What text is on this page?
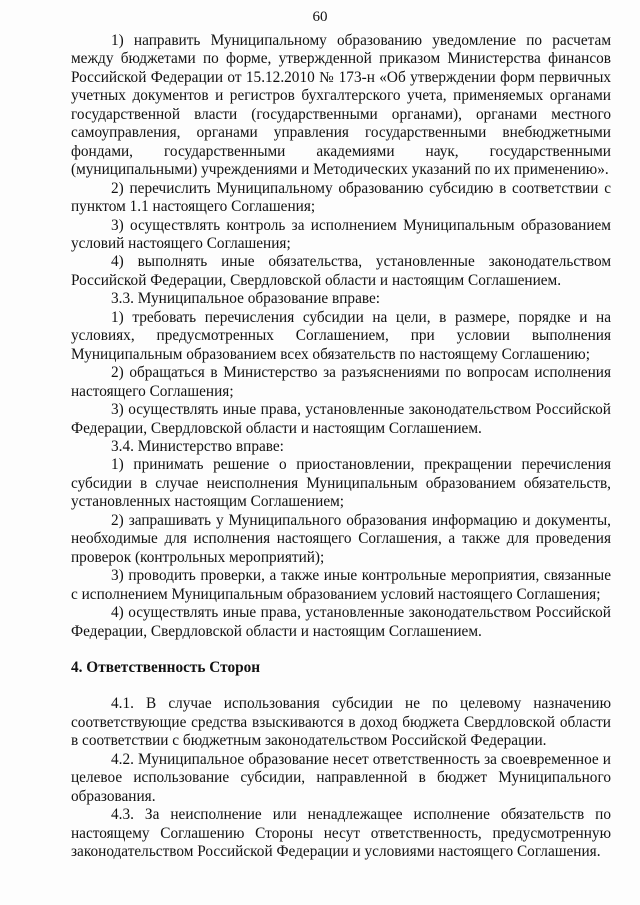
60

1) направить Муниципальному образованию уведомление по расчетам между бюджетами по форме, утвержденной приказом Министерства финансов Российской Федерации от 15.12.2010 № 173-н «Об утверждении форм первичных учетных документов и регистров бухгалтерского учета, применяемых органами государственной власти (государственными органами), органами местного самоуправления, органами управления государственными внебюджетными фондами, государственными академиями наук, государственными (муниципальными) учреждениями и Методических указаний по их применению».

2) перечислить Муниципальному образованию субсидию в соответствии с пунктом 1.1 настоящего Соглашения;

3) осуществлять контроль за исполнением Муниципальным образованием условий настоящего Соглашения;

4) выполнять иные обязательства, установленные законодательством Российской Федерации, Свердловской области и настоящим Соглашением.

3.3. Муниципальное образование вправе:

1) требовать перечисления субсидии на цели, в размере, порядке и на условиях, предусмотренных Соглашением, при условии выполнения Муниципальным образованием всех обязательств по настоящему Соглашению;

2) обращаться в Министерство за разъяснениями по вопросам исполнения настоящего Соглашения;

3) осуществлять иные права, установленные законодательством Российской Федерации, Свердловской области и настоящим Соглашением.

3.4. Министерство вправе:

1) принимать решение о приостановлении, прекращении перечисления субсидии в случае неисполнения Муниципальным образованием обязательств, установленных настоящим Соглашением;

2) запрашивать у Муниципального образования информацию и документы, необходимые для исполнения настоящего Соглашения, а также для проведения проверок (контрольных мероприятий);

3) проводить проверки, а также иные контрольные мероприятия, связанные с исполнением Муниципальным образованием условий настоящего Соглашения;

4) осуществлять иные права, установленные законодательством Российской Федерации, Свердловской области и настоящим Соглашением.

4. Ответственность Сторон

4.1. В случае использования субсидии не по целевому назначению соответствующие средства взыскиваются в доход бюджета Свердловской области в соответствии с бюджетным законодательством Российской Федерации.

4.2. Муниципальное образование несет ответственность за своевременное и целевое использование субсидии, направленной в бюджет Муниципального образования.

4.3. За неисполнение или ненадлежащее исполнение обязательств по настоящему Соглашению Стороны несут ответственность, предусмотренную законодательством Российской Федерации и условиями настоящего Соглашения.
